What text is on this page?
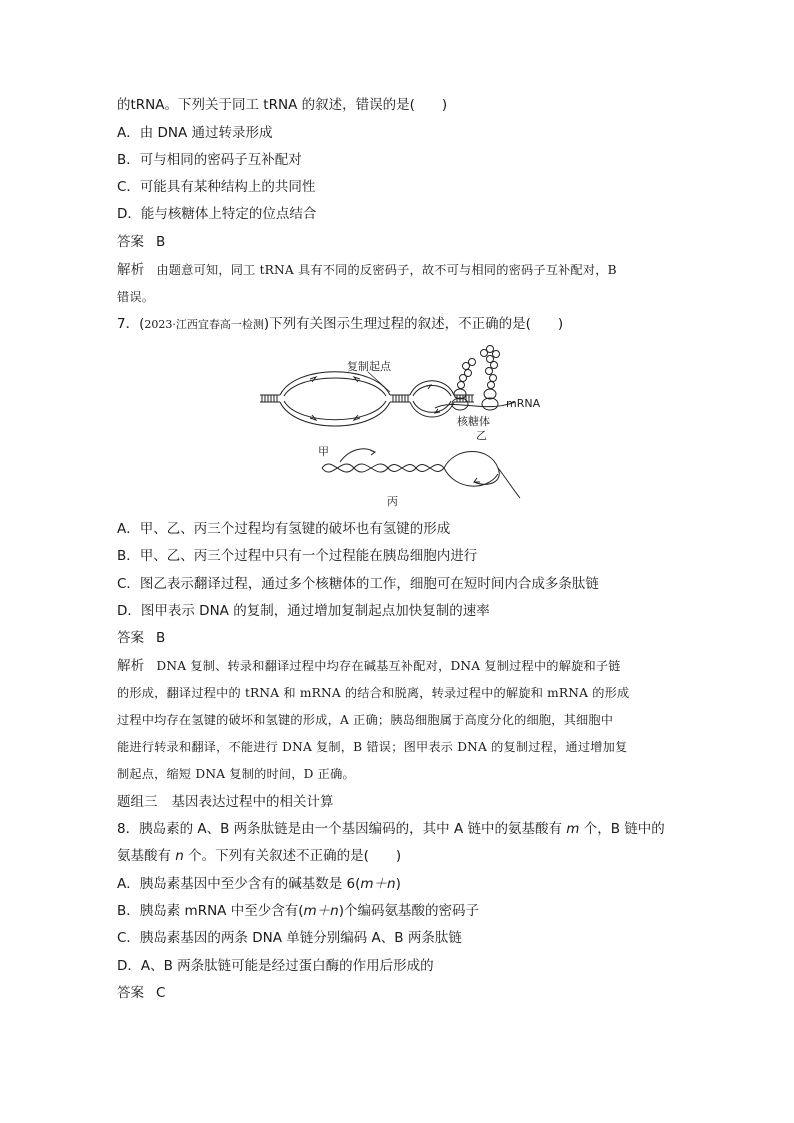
的tRNA。下列关于同工 tRNA 的叙述，错误的是(　　)
A．由 DNA 通过转录形成
B．可与相同的密码子互补配对
C．可能具有某种结构上的共同性
D．能与核糖体上特定的位点结合
答案 B
解析 由题意可知，同工 tRNA 具有不同的反密码子，故不可与相同的密码子互补配对，B
错误。
7．(2023·江西宜春高一检测)下列有关图示生理过程的叙述，不正确的是(　　)
复制起点
甲
mRNA
核糖体
乙
丙
A．甲、乙、丙三个过程均有氢键的破坏也有氢键的形成
B．甲、乙、丙三个过程中只有一个过程能在胰岛细胞内进行
C．图乙表示翻译过程，通过多个核糖体的工作，细胞可在短时间内合成多条肽链
D．图甲表示 DNA 的复制，通过增加复制起点加快复制的速率
答案 B
解析 DNA 复制、转录和翻译过程中均存在碱基互补配对，DNA 复制过程中的解旋和子链
的形成，翻译过程中的 tRNA 和 mRNA 的结合和脱离，转录过程中的解旋和 mRNA 的形成
过程中均存在氢键的破坏和氢键的形成，A 正确；胰岛细胞属于高度分化的细胞，其细胞中
能进行转录和翻译，不能进行 DNA 复制，B 错误；图甲表示 DNA 的复制过程，通过增加复
制起点，缩短 DNA 复制的时间，D 正确。
题组三 基因表达过程中的相关计算
8．胰岛素的 A、B 两条肽链是由一个基因编码的，其中 A 链中的氨基酸有 m 个，B 链中的
氨基酸有 n 个。下列有关叙述不正确的是(　　)
A．胰岛素基因中至少含有的碱基数是 6(m＋n)
B．胰岛素 mRNA 中至少含有(m＋n)个编码氨基酸的密码子
C．胰岛素基因的两条 DNA 单链分别编码 A、B 两条肽链
D．A、B 两条肽链可能是经过蛋白酶的作用后形成的
答案 C
